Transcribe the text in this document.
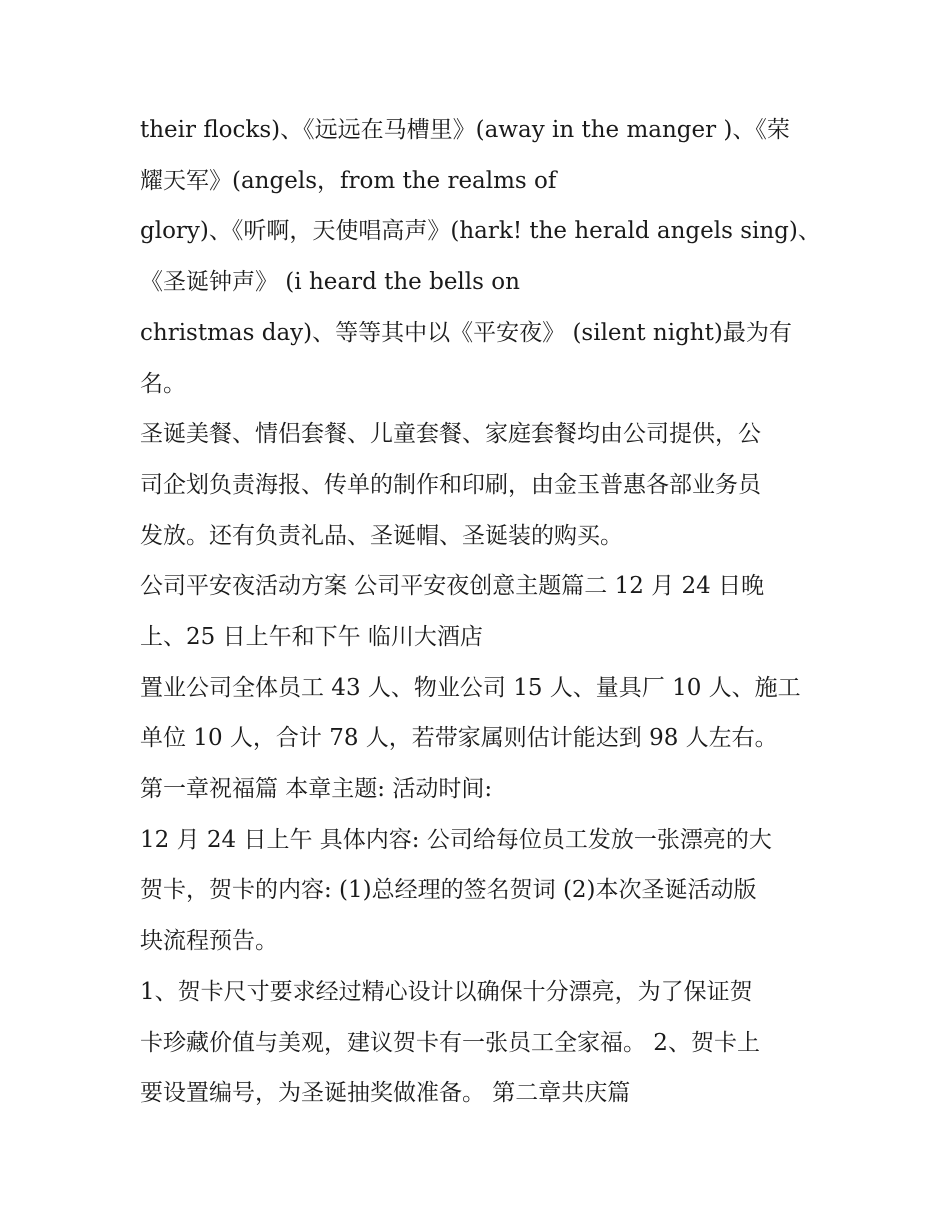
their flocks)、《远远在马槽里》(away in the manger )、《荣
耀天军》(angels，from the realms of
glory)、《听啊，天使唱高声》(hark! the herald angels sing)、
《圣诞钟声》 (i heard the bells on
christmas day)、等等其中以《平安夜》 (silent night)最为有
名。
圣诞美餐、情侣套餐、儿童套餐、家庭套餐均由公司提供，公
司企划负责海报、传单的制作和印刷，由金玉普惠各部业务员
发放。还有负责礼品、圣诞帽、圣诞装的购买。
公司平安夜活动方案 公司平安夜创意主题篇二 12 月 24 日晚
上、25 日上午和下午 临川大酒店
置业公司全体员工 43 人、物业公司 15 人、量具厂 10 人、施工
单位 10 人，合计 78 人，若带家属则估计能达到 98 人左右。
第一章祝福篇 本章主题: 活动时间:
12 月 24 日上午 具体内容: 公司给每位员工发放一张漂亮的大
贺卡，贺卡的内容: (1)总经理的签名贺词 (2)本次圣诞活动版
块流程预告。
1、贺卡尺寸要求经过精心设计以确保十分漂亮，为了保证贺
卡珍藏价值与美观，建议贺卡有一张员工全家福。 2、贺卡上
要设置编号，为圣诞抽奖做准备。 第二章共庆篇
